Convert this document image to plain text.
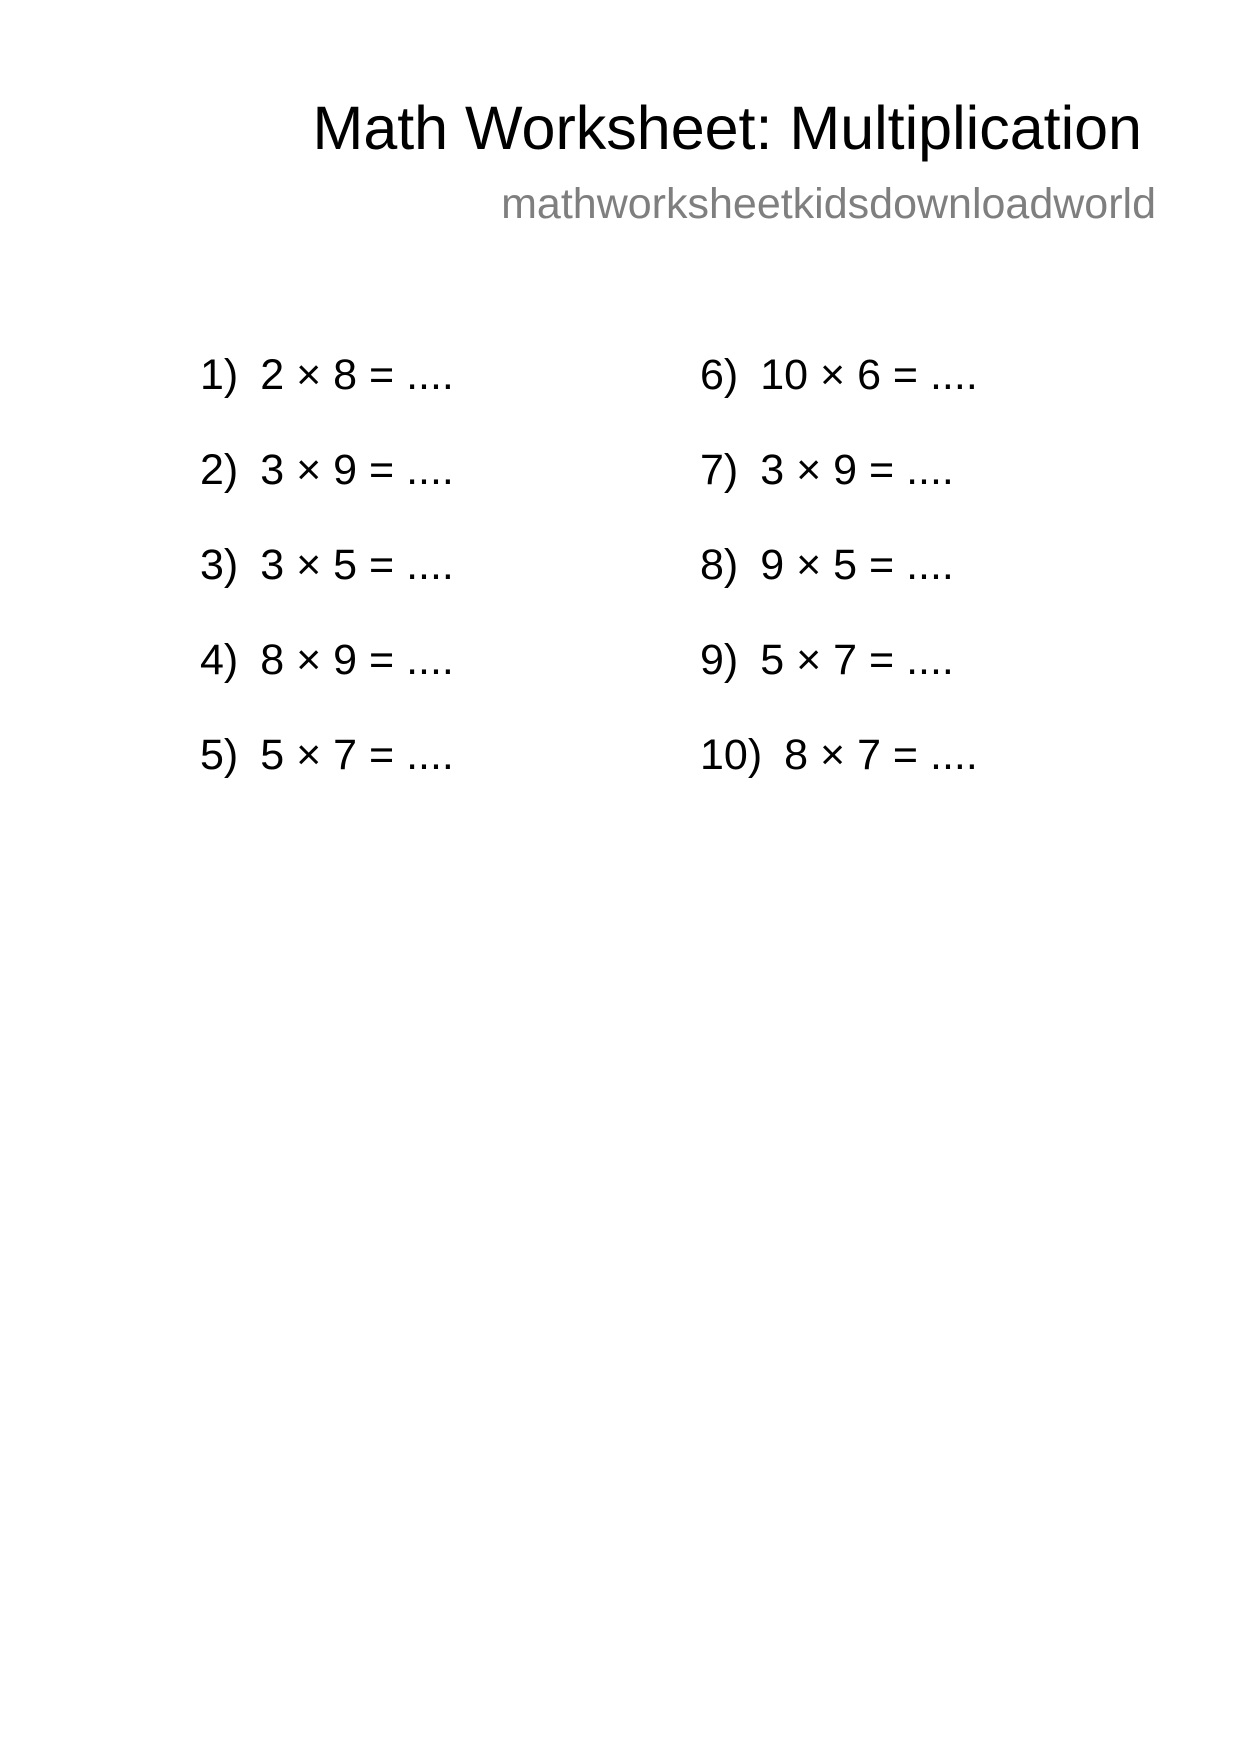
Math Worksheet: Multiplication

mathworksheetkidsdownloadworld

1) 2 × 8 = ....
2) 3 × 9 = ....
3) 3 × 5 = ....
4) 8 × 9 = ....
5) 5 × 7 = ....
6) 10 × 6 = ....
7) 3 × 9 = ....
8) 9 × 5 = ....
9) 5 × 7 = ....
10) 8 × 7 = ....
